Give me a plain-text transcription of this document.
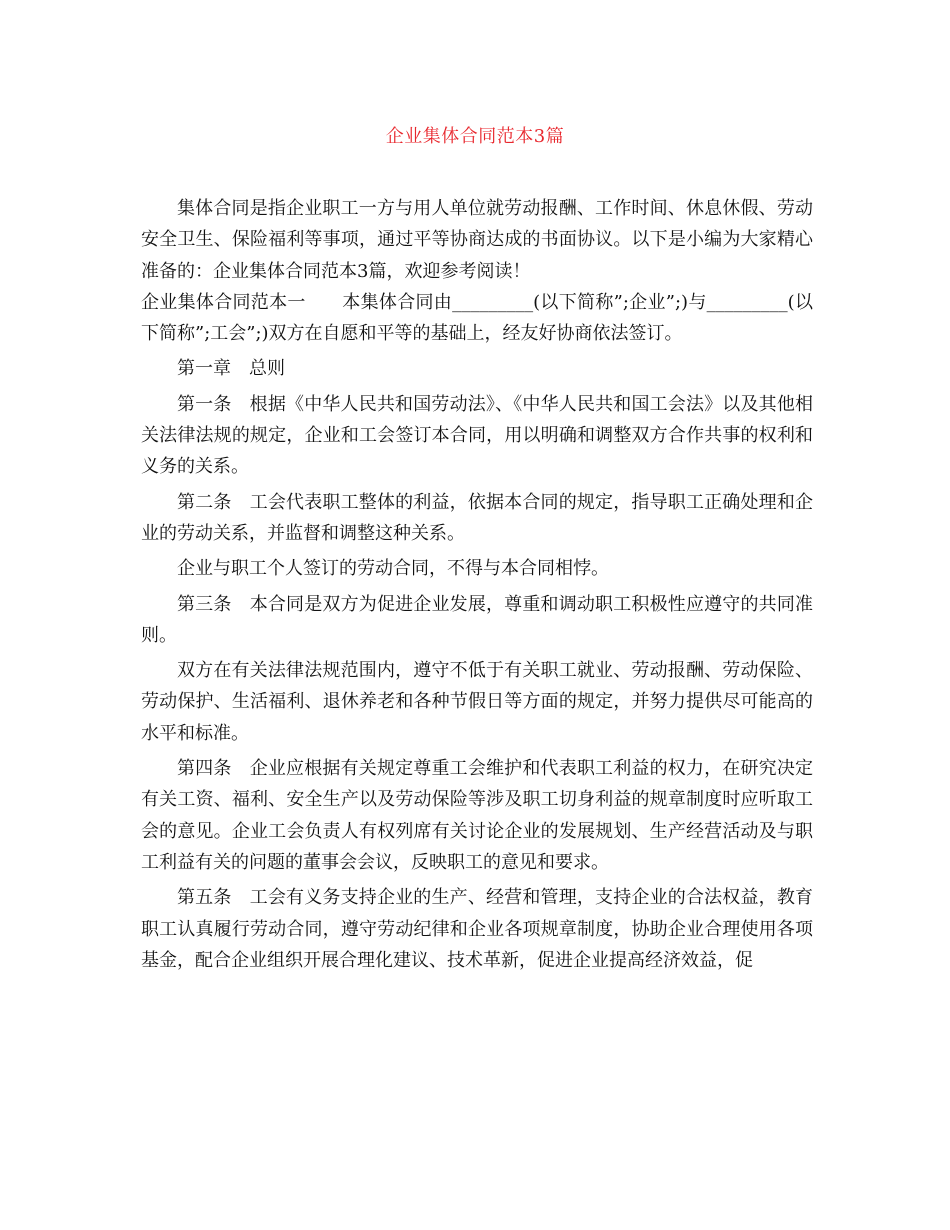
企业集体合同范本3篇

集体合同是指企业职工一方与用人单位就劳动报酬、工作时间、休息休假、劳动安全卫生、保险福利等事项，通过平等协商达成的书面协议。以下是小编为大家精心准备的：企业集体合同范本3篇，欢迎参考阅读！

企业集体合同范本一　　本集体合同由_________(以下简称”;企业”;)与_________(以下简称”;工会”;)双方在自愿和平等的基础上，经友好协商依法签订。

第一章　总则

第一条　根据《中华人民共和国劳动法》、《中华人民共和国工会法》以及其他相关法律法规的规定，企业和工会签订本合同，用以明确和调整双方合作共事的权利和义务的关系。

第二条　工会代表职工整体的利益，依据本合同的规定，指导职工正确处理和企业的劳动关系，并监督和调整这种关系。

企业与职工个人签订的劳动合同，不得与本合同相悖。

第三条　本合同是双方为促进企业发展，尊重和调动职工积极性应遵守的共同准则。

双方在有关法律法规范围内，遵守不低于有关职工就业、劳动报酬、劳动保险、劳动保护、生活福利、退休养老和各种节假日等方面的规定，并努力提供尽可能高的水平和标准。

第四条　企业应根据有关规定尊重工会维护和代表职工利益的权力，在研究决定有关工资、福利、安全生产以及劳动保险等涉及职工切身利益的规章制度时应听取工会的意见。企业工会负责人有权列席有关讨论企业的发展规划、生产经营活动及与职工利益有关的问题的董事会会议，反映职工的意见和要求。

第五条　工会有义务支持企业的生产、经营和管理，支持企业的合法权益，教育职工认真履行劳动合同，遵守劳动纪律和企业各项规章制度，协助企业合理使用各项基金，配合企业组织开展合理化建议、技术革新，促进企业提高经济效益，促
